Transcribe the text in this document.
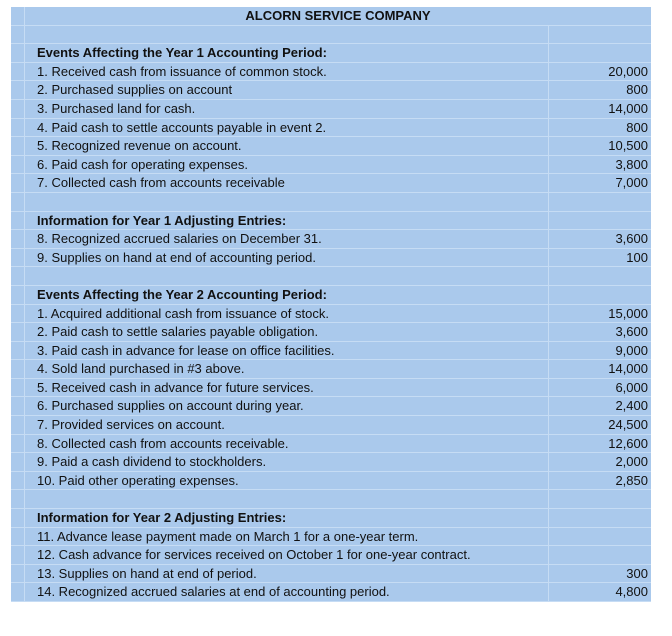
ALCORN SERVICE COMPANY
Events Affecting the Year 1 Accounting Period:
1. Received cash from issuance of common stock.	20,000
2. Purchased supplies on account	800
3. Purchased land for cash.	14,000
4. Paid cash to settle accounts payable in event 2.	800
5. Recognized revenue on account.	10,500
6. Paid cash for operating expenses.	3,800
7. Collected cash from accounts receivable	7,000
Information for Year 1 Adjusting Entries:
8. Recognized accrued salaries on December 31.	3,600
9. Supplies on hand at end of accounting period.	100
Events Affecting the Year 2 Accounting Period:
1. Acquired additional cash from issuance of stock.	15,000
2. Paid cash to settle salaries payable obligation.	3,600
3. Paid cash in advance for lease on office facilities.	9,000
4. Sold land purchased in #3 above.	14,000
5. Received cash in advance for future services.	6,000
6. Purchased supplies on account during year.	2,400
7. Provided services on account.	24,500
8. Collected cash from accounts receivable.	12,600
9. Paid a cash dividend to stockholders.	2,000
10. Paid other operating expenses.	2,850
Information for Year 2 Adjusting Entries:
11. Advance lease payment made on March 1 for a one-year term.
12. Cash advance for services received on October 1 for one-year contract.
13. Supplies on hand at end of period.	300
14. Recognized accrued salaries at end of accounting period.	4,800
